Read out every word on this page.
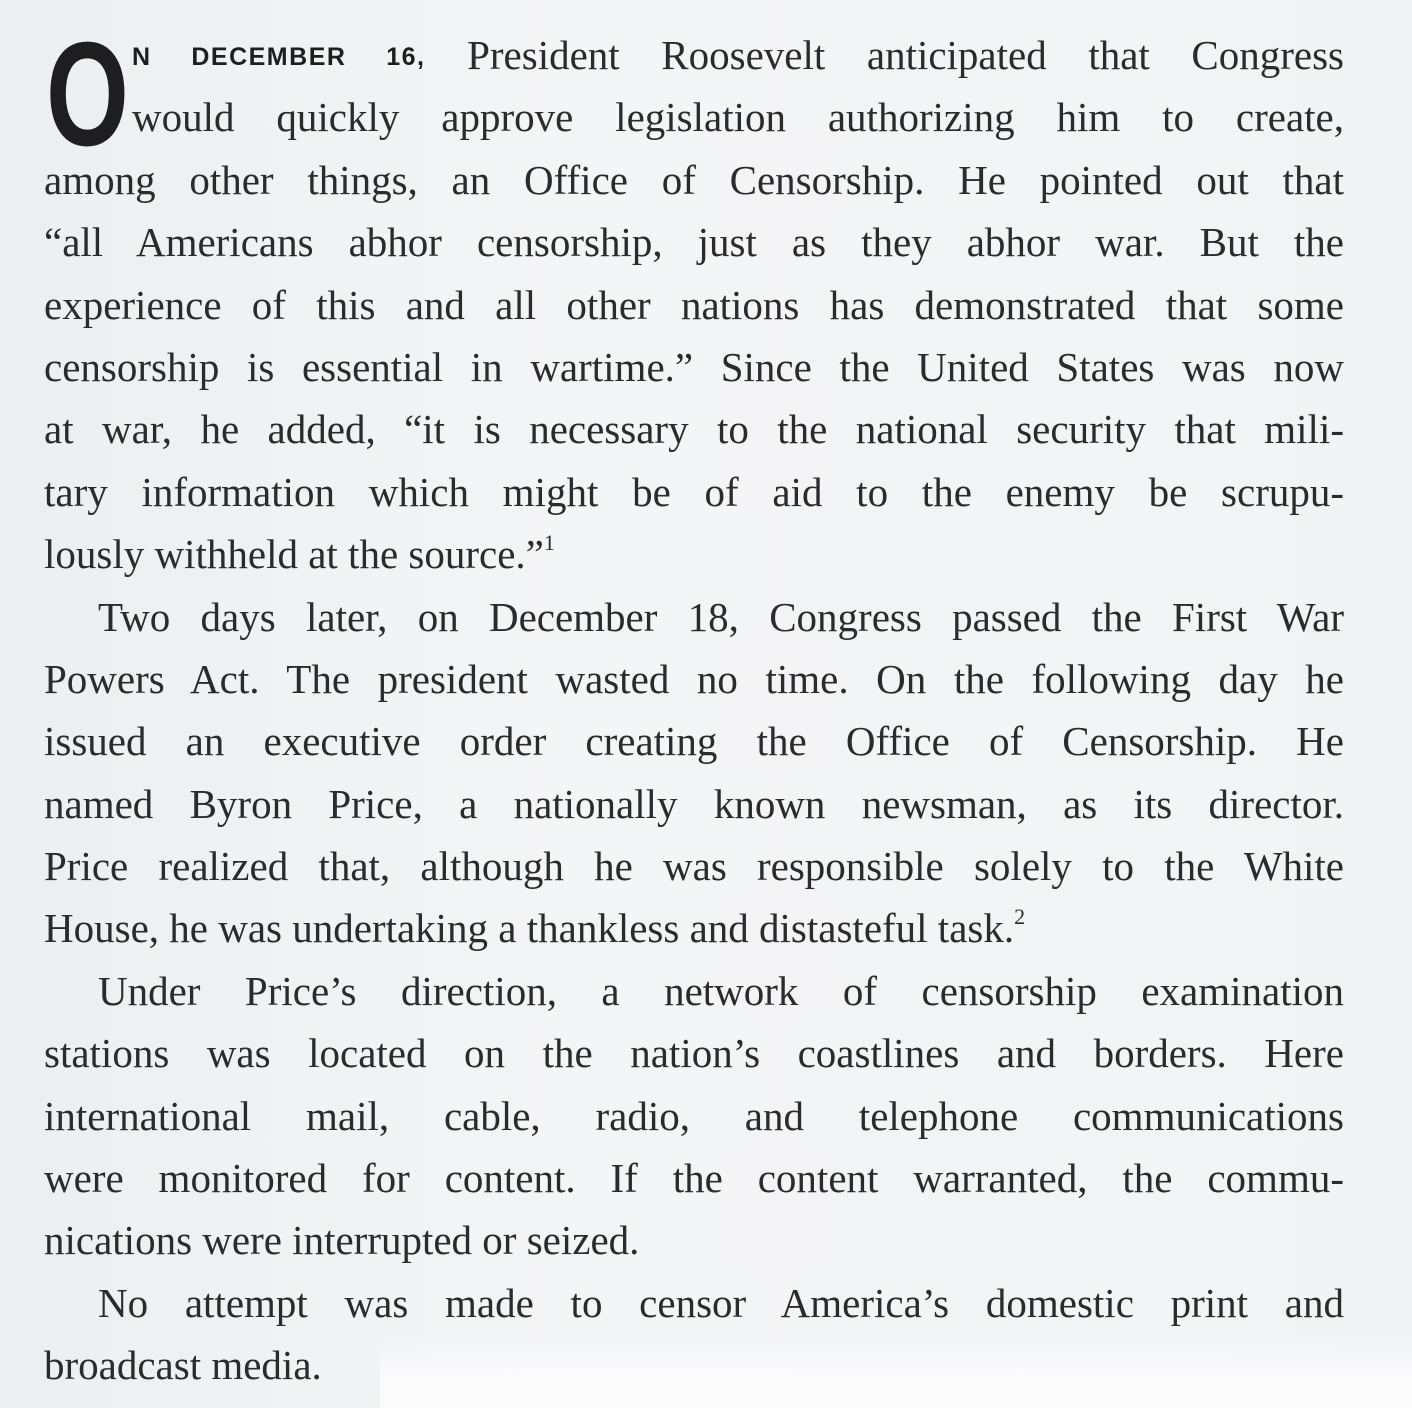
O N DECEMBER 16, President Roosevelt anticipated that Congress
would quickly approve legislation authorizing him to create,
among other things, an Office of Censorship. He pointed out that
“all Americans abhor censorship, just as they abhor war. But the
experience of this and all other nations has demonstrated that some
censorship is essential in wartime.” Since the United States was now
at war, he added, “it is necessary to the national security that mili-
tary information which might be of aid to the enemy be scrupu-
lously withheld at the source.”$^1$
Two days later, on December 18, Congress passed the First War
Powers Act. The president wasted no time. On the following day he
issued an executive order creating the Office of Censorship. He
named Byron Price, a nationally known newsman, as its director.
Price realized that, although he was responsible solely to the White
House, he was undertaking a thankless and distasteful task.$^2$
Under Price’s direction, a network of censorship examination
stations was located on the nation’s coastlines and borders. Here
international mail, cable, radio, and telephone communications
were monitored for content. If the content warranted, the commu-
nications were interrupted or seized.
No attempt was made to censor America’s domestic print and
broadcast media.
